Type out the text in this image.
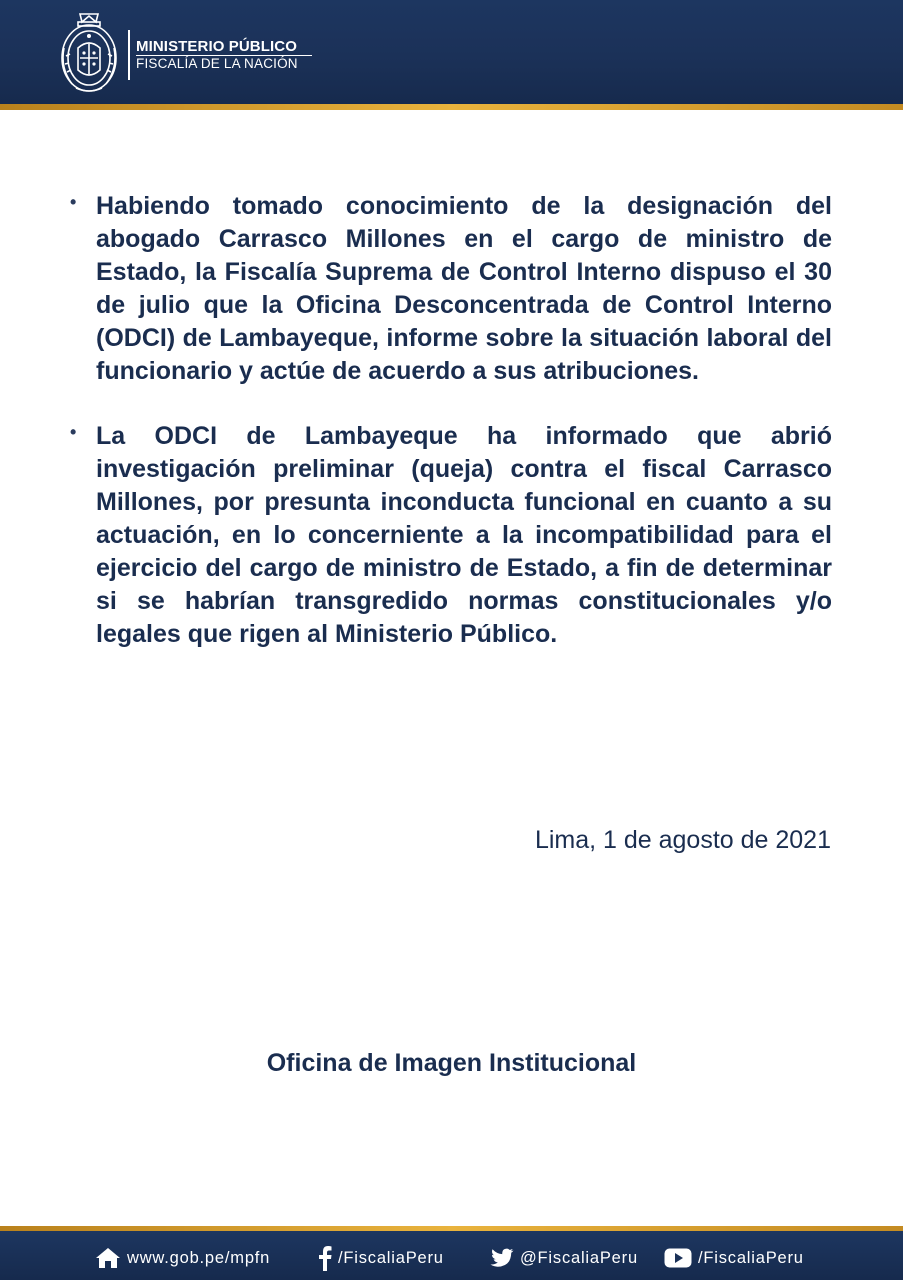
MINISTERIO PÚBLICO
FISCALÍA DE LA NACIÓN
• Habiendo tomado conocimiento de la designación del abogado Carrasco Millones en el cargo de ministro de Estado, la Fiscalía Suprema de Control Interno dispuso el 30 de julio que la Oficina Desconcentrada de Control Interno (ODCI) de Lambayeque, informe sobre la situación laboral del funcionario y actúe de acuerdo a sus atribuciones.
• La ODCI de Lambayeque ha informado que abrió investigación preliminar (queja) contra el fiscal Carrasco Millones, por presunta inconducta funcional en cuanto a su actuación, en lo concerniente a la incompatibilidad para el ejercicio del cargo de ministro de Estado, a fin de determinar si se habrían transgredido normas constitucionales y/o legales que rigen al Ministerio Público.
Lima, 1 de agosto de 2021
Oficina de Imagen Institucional
www.gob.pe/mpfn	/FiscaliaPeru	@FiscaliaPeru	/FiscaliaPeru
